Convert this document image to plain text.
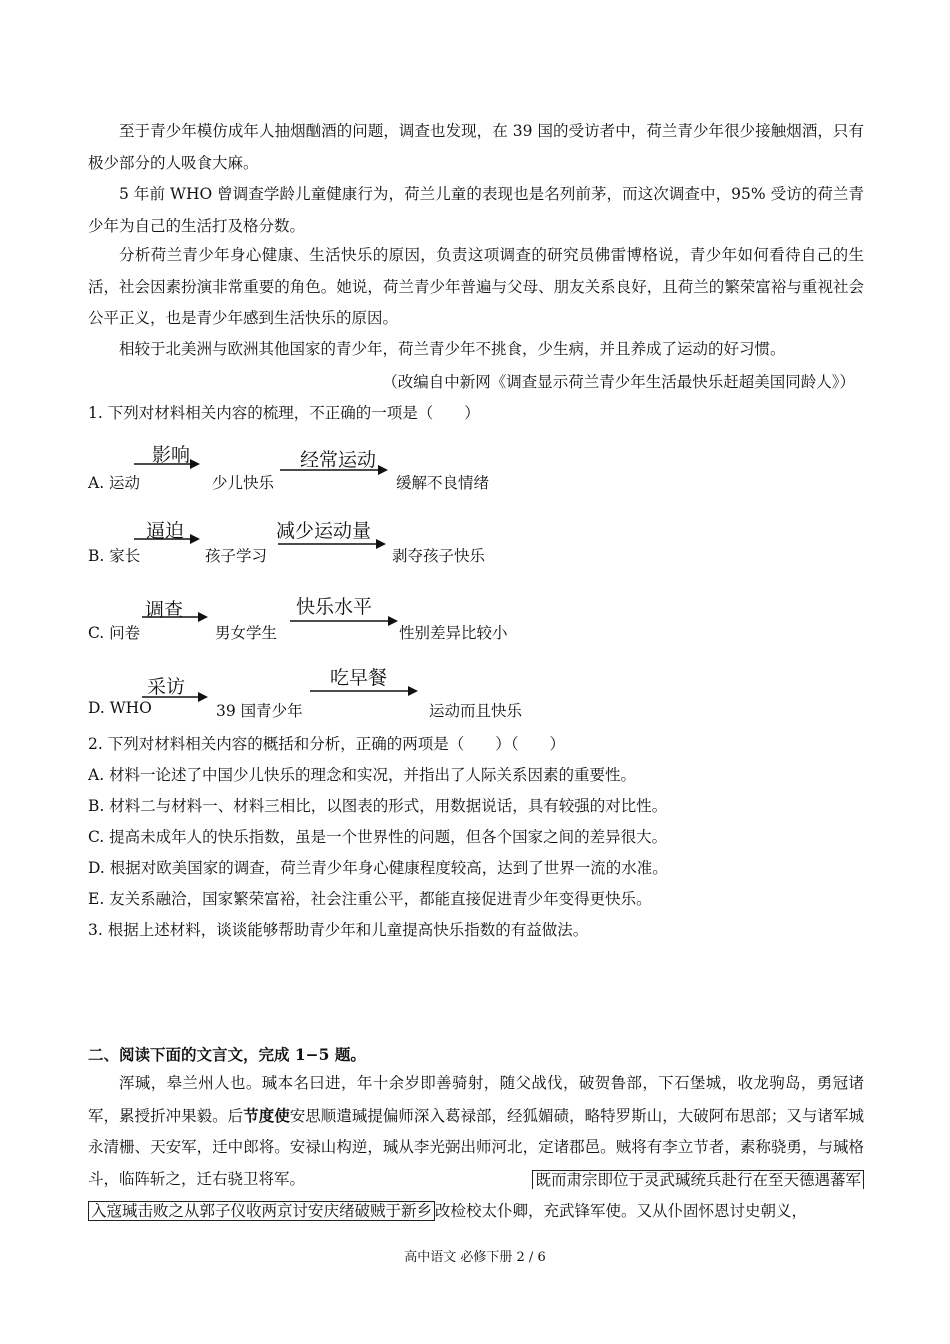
至于青少年模仿成年人抽烟酗酒的问题，调查也发现，在 39 国的受访者中，荷兰青少年很少接触烟酒，只有极少部分的人吸食大麻。

5 年前 WHO 曾调查学龄儿童健康行为，荷兰儿童的表现也是名列前茅，而这次调查中，95% 受访的荷兰青少年为自己的生活打及格分数。

分析荷兰青少年身心健康、生活快乐的原因，负责这项调查的研究员佛雷博格说，青少年如何看待自己的生活，社会因素扮演非常重要的角色。她说，荷兰青少年普遍与父母、朋友关系良好，且荷兰的繁荣富裕与重视社会公平正义，也是青少年感到生活快乐的原因。

相较于北美洲与欧洲其他国家的青少年，荷兰青少年不挑食，少生病，并且养成了运动的好习惯。

（改编自中新网《调查显示荷兰青少年生活最快乐赶超美国同龄人》）
1. 下列对材料相关内容的梳理，不正确的一项是（　　）
A. 运动
影响
少儿快乐
经常运动
缓解不良情绪
B. 家长
逼迫
孩子学习
减少运动量
剥夺孩子快乐
C. 问卷
调查
男女学生
快乐水平
性别差异比较小
D. WHO
采访
39 国青少年
吃早餐
运动而且快乐
2. 下列对材料相关内容的概括和分析，正确的两项是（　　）（　　）
A. 材料一论述了中国少儿快乐的理念和实况，并指出了人际关系因素的重要性。
B. 材料二与材料一、材料三相比，以图表的形式，用数据说话，具有较强的对比性。
C. 提高未成年人的快乐指数，虽是一个世界性的问题，但各个国家之间的差异很大。
D. 根据对欧美国家的调查，荷兰青少年身心健康程度较高，达到了世界一流的水准。
E. 友关系融洽，国家繁荣富裕，社会注重公平，都能直接促进青少年变得更快乐。
3. 根据上述材料，谈谈能够帮助青少年和儿童提高快乐指数的有益做法。
二、阅读下面的文言文，完成 1−5 题。

浑瑊，皋兰州人也。瑊本名曰进，年十余岁即善骑射，随父战伐，破贺鲁部，下石堡城，收龙驹岛，勇冠诸军，累授折冲果毅。后节度使安思顺遣瑊提偏师深入葛禄部，经狐媚碛，略特罗斯山，大破阿布思部；又与诸军城永清栅、天安军，迁中郎将。安禄山构逆，瑊从李光弼出师河北，定诸郡邑。贼将有李立节者，素称骁勇，与瑊格斗，临阵斩之，迁右骁卫将军。	既而肃宗即位于灵武瑊统兵赴行在至天德遇蕃军
入寇瑊击败之从郭子仪收两京讨安庆绪破贼于新乡 改检校太仆卿，充武锋军使。又从仆固怀恩讨史朝义，
高中语文 必修下册 2 / 6
